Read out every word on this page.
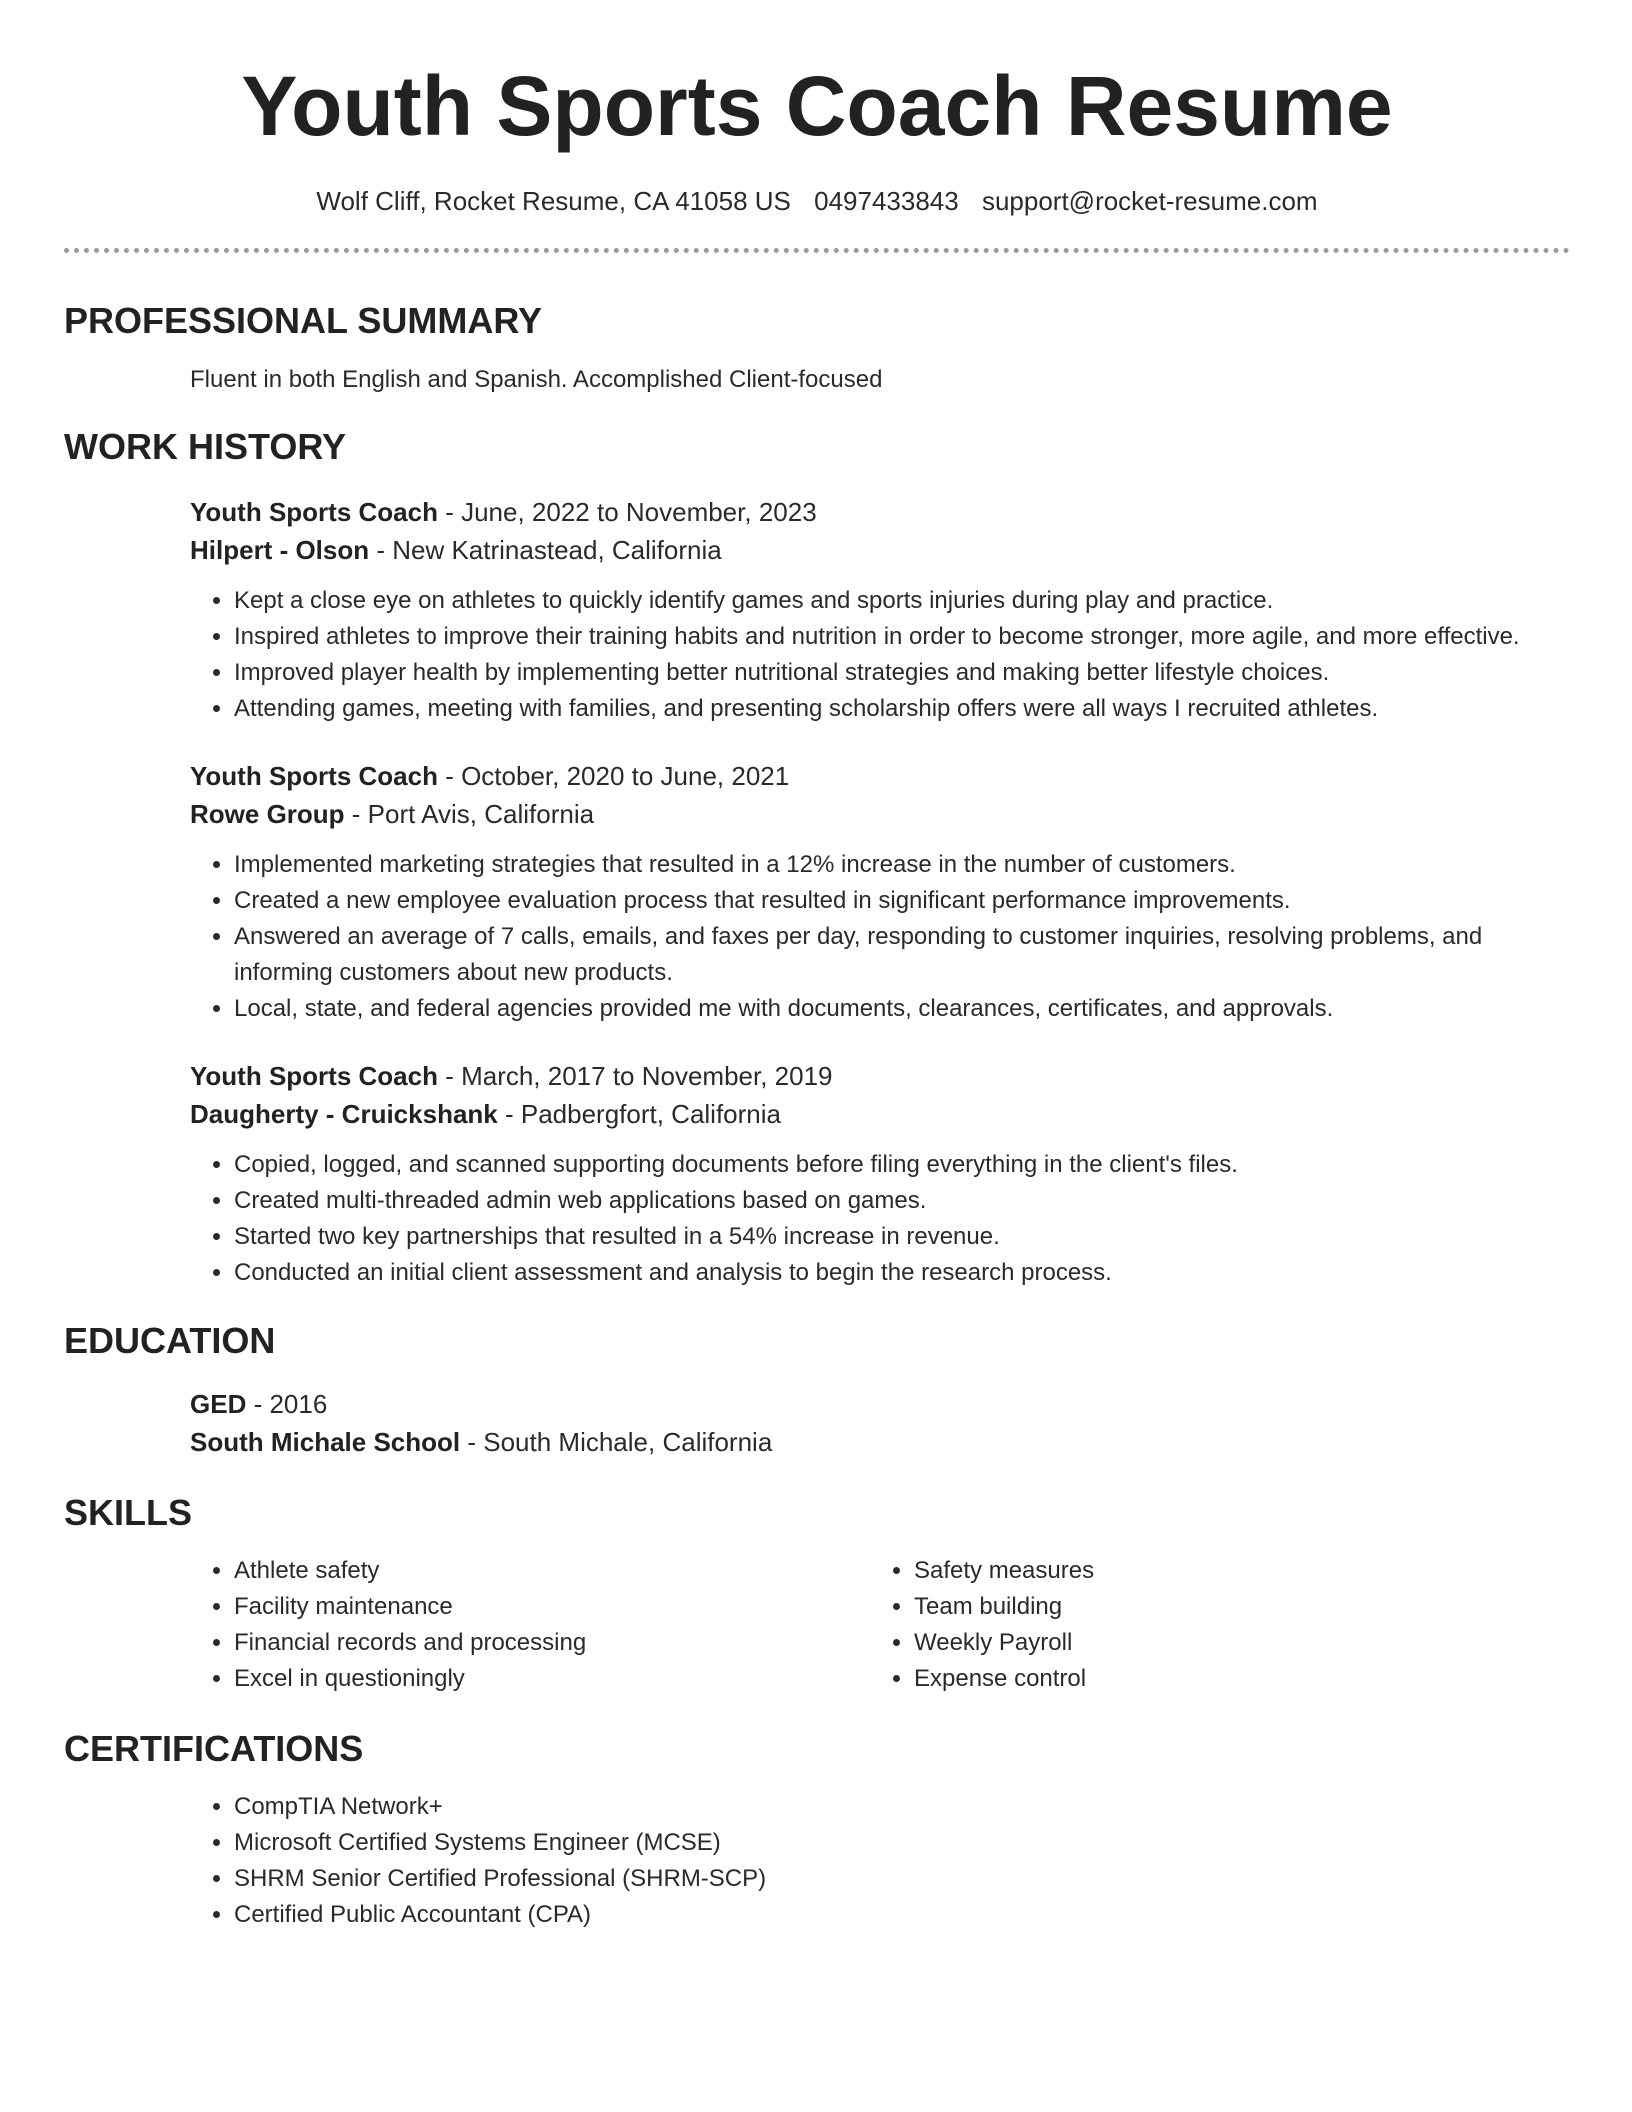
Youth Sports Coach Resume
Wolf Cliff, Rocket Resume, CA 41058 US 0497433843 support@rocket-resume.com
PROFESSIONAL SUMMARY
Fluent in both English and Spanish. Accomplished Client-focused
WORK HISTORY
Youth Sports Coach - June, 2022 to November, 2023
Hilpert - Olson - New Katrinastead, California
• Kept a close eye on athletes to quickly identify games and sports injuries during play and practice.
• Inspired athletes to improve their training habits and nutrition in order to become stronger, more agile, and more effective.
• Improved player health by implementing better nutritional strategies and making better lifestyle choices.
• Attending games, meeting with families, and presenting scholarship offers were all ways I recruited athletes.
Youth Sports Coach - October, 2020 to June, 2021
Rowe Group - Port Avis, California
• Implemented marketing strategies that resulted in a 12% increase in the number of customers.
• Created a new employee evaluation process that resulted in significant performance improvements.
• Answered an average of 7 calls, emails, and faxes per day, responding to customer inquiries, resolving problems, and informing customers about new products.
• Local, state, and federal agencies provided me with documents, clearances, certificates, and approvals.
Youth Sports Coach - March, 2017 to November, 2019
Daugherty - Cruickshank - Padbergfort, California
• Copied, logged, and scanned supporting documents before filing everything in the client's files.
• Created multi-threaded admin web applications based on games.
• Started two key partnerships that resulted in a 54% increase in revenue.
• Conducted an initial client assessment and analysis to begin the research process.
EDUCATION
GED - 2016
South Michale School - South Michale, California
SKILLS
• Athlete safety
• Facility maintenance
• Financial records and processing
• Excel in questioningly
• Safety measures
• Team building
• Weekly Payroll
• Expense control
CERTIFICATIONS
• CompTIA Network+
• Microsoft Certified Systems Engineer (MCSE)
• SHRM Senior Certified Professional (SHRM-SCP)
• Certified Public Accountant (CPA)
